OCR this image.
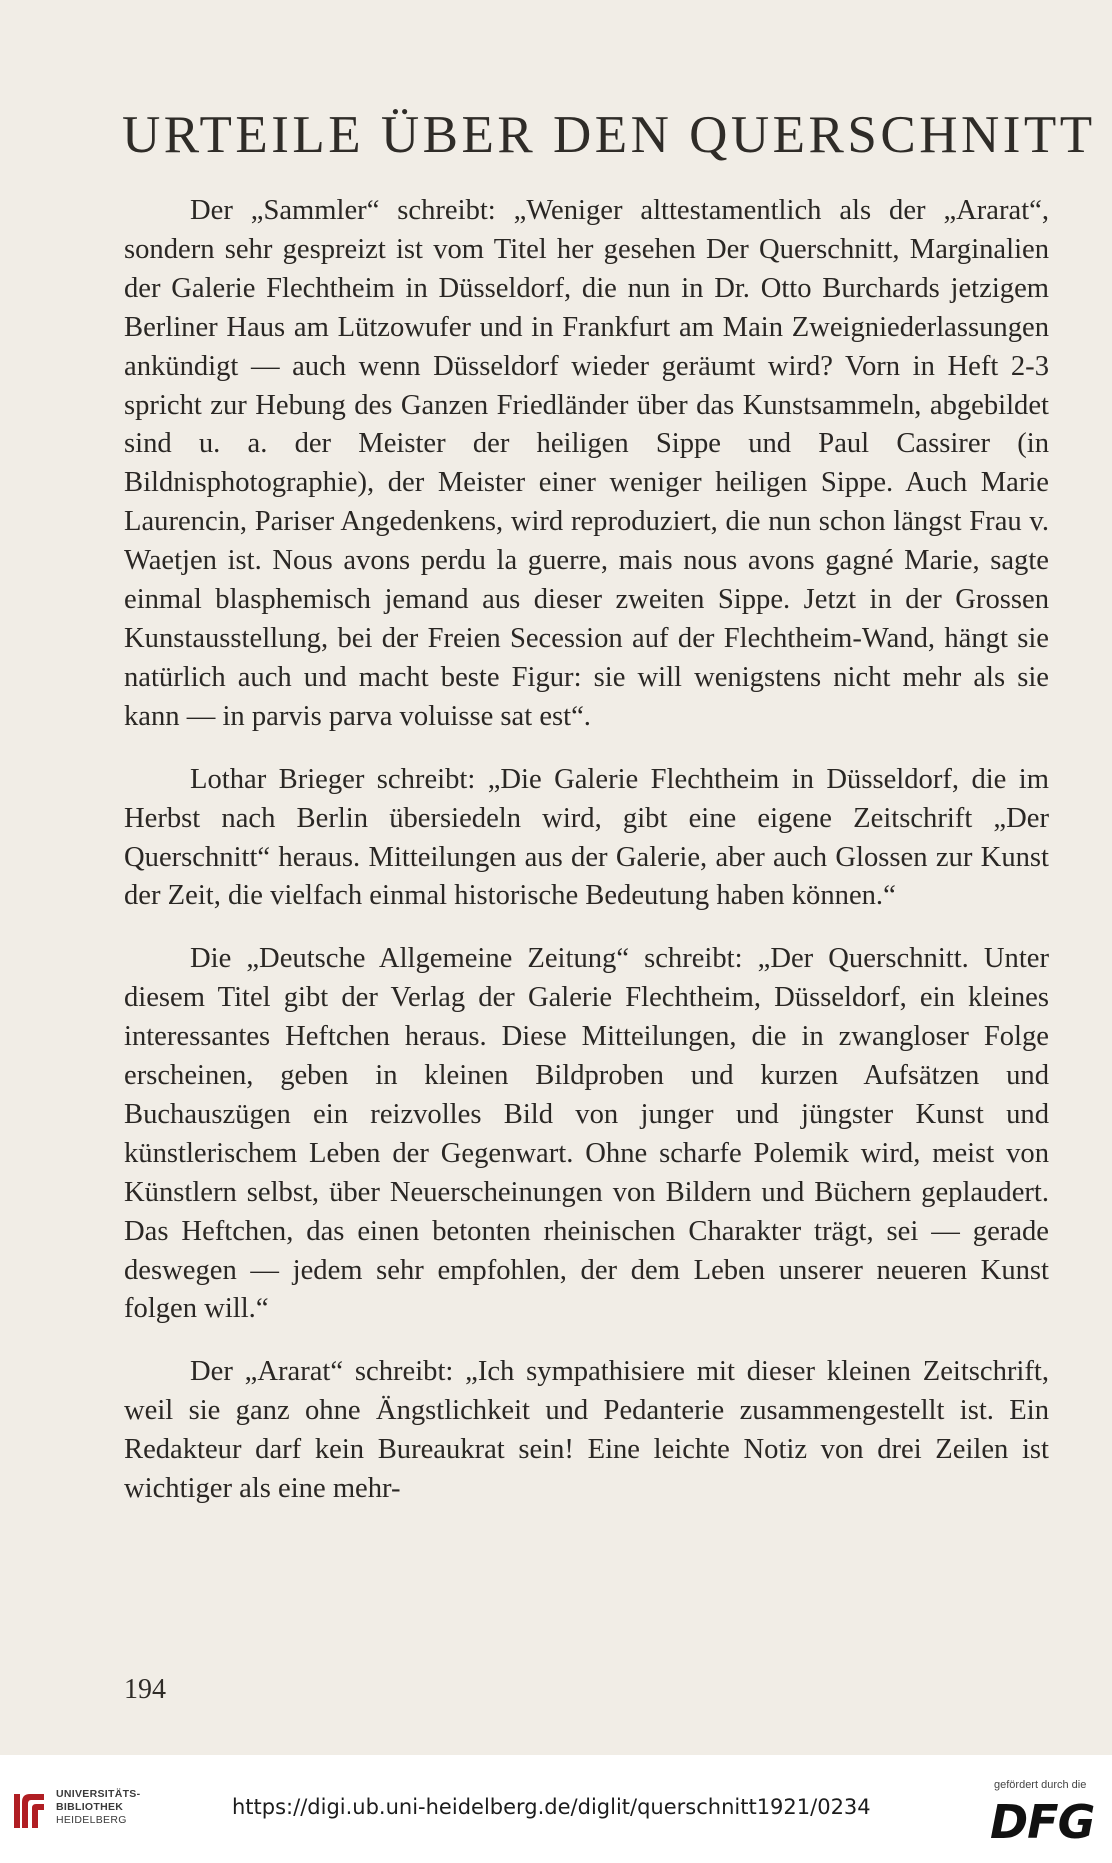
URTEILE ÜBER DEN QUERSCHNITT

Der „Sammler“ schreibt: „Weniger alttestamentlich als der „Ararat“, sondern sehr gespreizt ist vom Titel her gesehen Der Querschnitt, Marginalien der Galerie Flechtheim in Düsseldorf, die nun in Dr. Otto Burchards jetzigem Berliner Haus am Lützowufer und in Frankfurt am Main Zweigniederlassungen ankündigt — auch wenn Düsseldorf wieder geräumt wird? Vorn in Heft 2-3 spricht zur Hebung des Ganzen Friedländer über das Kunstsammeln, abgebildet sind u. a. der Meister der heiligen Sippe und Paul Cassirer (in Bildnisphotographie), der Meister einer weniger heiligen Sippe. Auch Marie Laurencin, Pariser Angedenkens, wird reproduziert, die nun schon längst Frau v. Waetjen ist. Nous avons perdu la guerre, mais nous avons gagné Marie, sagte einmal blasphemisch jemand aus dieser zweiten Sippe. Jetzt in der Grossen Kunstausstellung, bei der Freien Secession auf der Flechtheim-Wand, hängt sie natürlich auch und macht beste Figur: sie will wenigstens nicht mehr als sie kann — in parvis parva voluisse sat est“.

Lothar Brieger schreibt: „Die Galerie Flechtheim in Düsseldorf, die im Herbst nach Berlin übersiedeln wird, gibt eine eigene Zeitschrift „Der Querschnitt“ heraus. Mitteilungen aus der Galerie, aber auch Glossen zur Kunst der Zeit, die vielfach einmal historische Bedeutung haben können.“

Die „Deutsche Allgemeine Zeitung“ schreibt: „Der Querschnitt. Unter diesem Titel gibt der Verlag der Galerie Flechtheim, Düsseldorf, ein kleines interessantes Heftchen heraus. Diese Mitteilungen, die in zwangloser Folge erscheinen, geben in kleinen Bildproben und kurzen Aufsätzen und Buchauszügen ein reizvolles Bild von junger und jüngster Kunst und künstlerischem Leben der Gegenwart. Ohne scharfe Polemik wird, meist von Künstlern selbst, über Neuerscheinungen von Bildern und Büchern geplaudert. Das Heftchen, das einen betonten rheinischen Charakter trägt, sei — gerade deswegen — jedem sehr empfohlen, der dem Leben unserer neueren Kunst folgen will.“

Der „Ararat“ schreibt: „Ich sympathisiere mit dieser kleinen Zeitschrift, weil sie ganz ohne Ängstlichkeit und Pedanterie zusammengestellt ist. Ein Redakteur darf kein Bureaukrat sein! Eine leichte Notiz von drei Zeilen ist wichtiger als eine mehr-

194
UNIVERSITÄTS-
BIBLIOTHEK
HEIDELBERG
https://digi.ub.uni-heidelberg.de/diglit/querschnitt1921/0234
gefördert durch die
DFG
